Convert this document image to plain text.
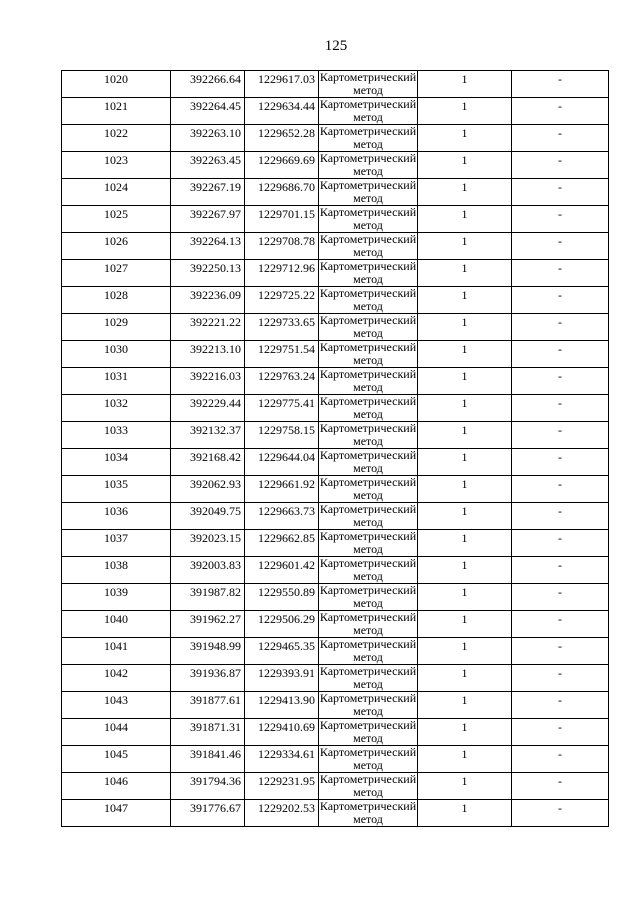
125
1020	392266.64	1229617.03	Картометрический метод	1	-
1021	392264.45	1229634.44	Картометрический метод	1	-
1022	392263.10	1229652.28	Картометрический метод	1	-
1023	392263.45	1229669.69	Картометрический метод	1	-
1024	392267.19	1229686.70	Картометрический метод	1	-
1025	392267.97	1229701.15	Картометрический метод	1	-
1026	392264.13	1229708.78	Картометрический метод	1	-
1027	392250.13	1229712.96	Картометрический метод	1	-
1028	392236.09	1229725.22	Картометрический метод	1	-
1029	392221.22	1229733.65	Картометрический метод	1	-
1030	392213.10	1229751.54	Картометрический метод	1	-
1031	392216.03	1229763.24	Картометрический метод	1	-
1032	392229.44	1229775.41	Картометрический метод	1	-
1033	392132.37	1229758.15	Картометрический метод	1	-
1034	392168.42	1229644.04	Картометрический метод	1	-
1035	392062.93	1229661.92	Картометрический метод	1	-
1036	392049.75	1229663.73	Картометрический метод	1	-
1037	392023.15	1229662.85	Картометрический метод	1	-
1038	392003.83	1229601.42	Картометрический метод	1	-
1039	391987.82	1229550.89	Картометрический метод	1	-
1040	391962.27	1229506.29	Картометрический метод	1	-
1041	391948.99	1229465.35	Картометрический метод	1	-
1042	391936.87	1229393.91	Картометрический метод	1	-
1043	391877.61	1229413.90	Картометрический метод	1	-
1044	391871.31	1229410.69	Картометрический метод	1	-
1045	391841.46	1229334.61	Картометрический метод	1	-
1046	391794.36	1229231.95	Картометрический метод	1	-
1047	391776.67	1229202.53	Картометрический метод	1	-
